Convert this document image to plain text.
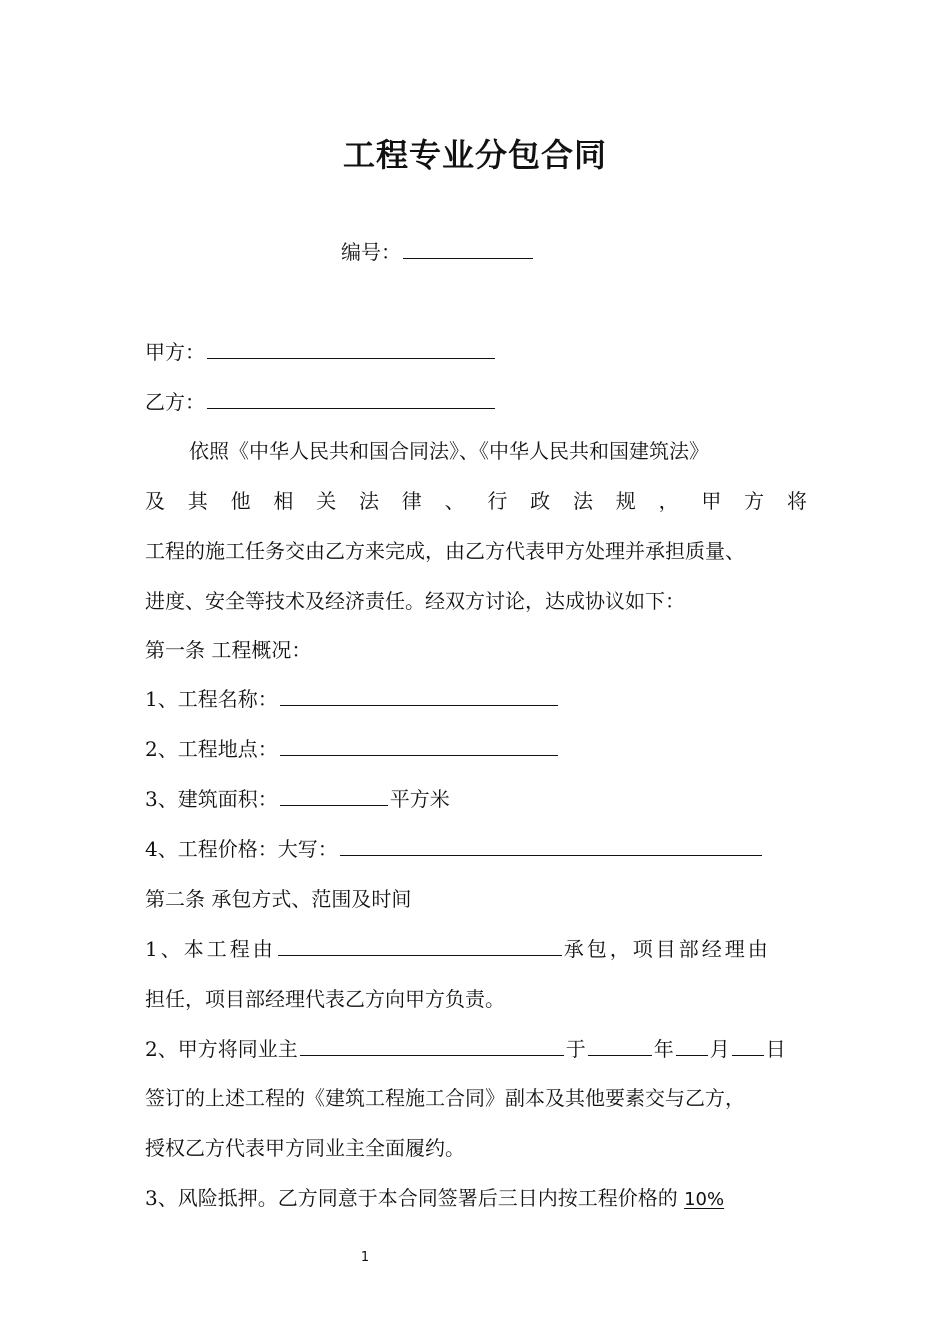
工程专业分包合同
编号：
甲方：
乙方：
依照《中华人民共和国合同法》、《中华人民共和国建筑法》
及 其 他 相 关 法 律 、 行 政 法 规 ， 甲 方 将
工程的施工任务交由乙方来完成，由乙方代表甲方处理并承担质量、
进度、安全等技术及经济责任。经双方讨论，达成协议如下：
第一条 工程概况：
1、工程名称：
2、工程地点：
3、建筑面积：	平方米
4、工程价格：大写：
第二条 承包方式、范围及时间
1、本工程由	承包，项目部经理由
担任，项目部经理代表乙方向甲方负责。
2、甲方将同业主	于	年 月 日
签订的上述工程的《建筑工程施工合同》副本及其他要素交与乙方，
授权乙方代表甲方同业主全面履约。
3、风险抵押。乙方同意于本合同签署后三日内按工程价格的 10%
1
